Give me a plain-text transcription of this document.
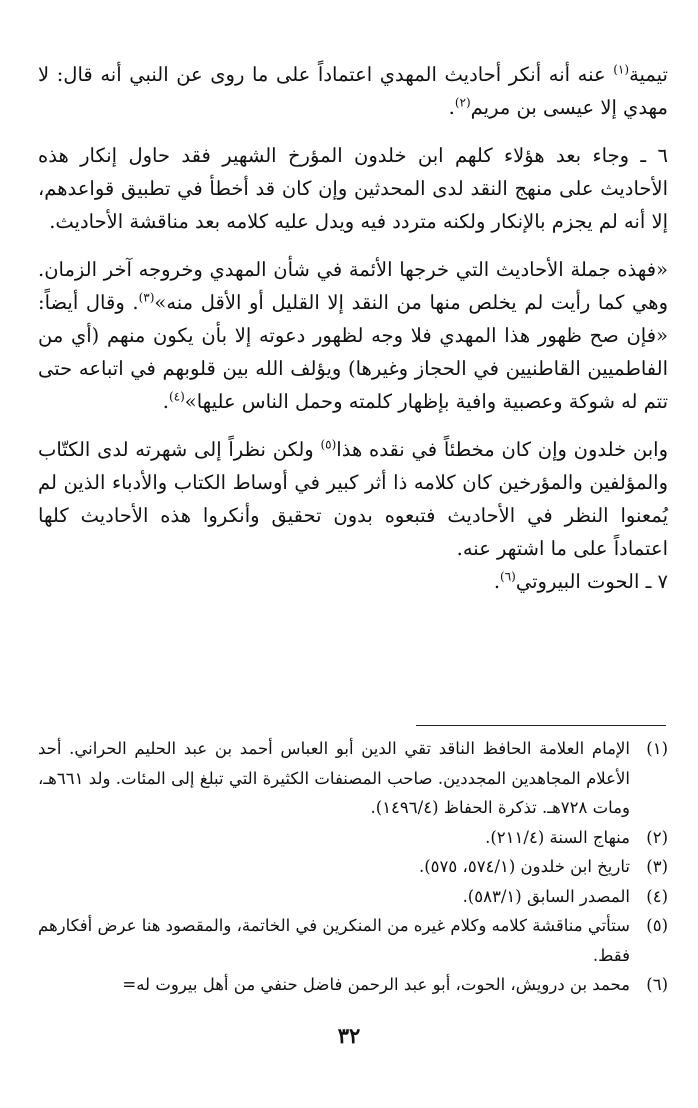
تيمية$^{(١)}$ عنه أنه أنكر أحاديث المهدي اعتماداً على ما روى عن النبي أنه قال: لا مهدي إلا عيسى بن مريم$^{(٢)}$.

٦ ـ وجاء بعد هؤلاء كلهم ابن خلدون المؤرخ الشهير فقد حاول إنكار هذه الأحاديث على منهج النقد لدى المحدثين وإن كان قد أخطأ في تطبيق قواعدهم، إلا أنه لم يجزم بالإنكار ولكنه متردد فيه ويدل عليه كلامه بعد مناقشة الأحاديث.

«فهذه جملة الأحاديث التي خرجها الأئمة في شأن المهدي وخروجه آخر الزمان. وهي كما رأيت لم يخلص منها من النقد إلا القليل أو الأقل منه»$^{(٣)}$. وقال أيضاً: «فإن صح ظهور هذا المهدي فلا وجه لظهور دعوته إلا بأن يكون منهم (أي من الفاطميين القاطنيين في الحجاز وغيرها) ويؤلف الله بين قلوبهم في اتباعه حتى تتم له شوكة وعصبية وافية بإظهار كلمته وحمل الناس عليها»$^{(٤)}$.

وابن خلدون وإن كان مخطئاً في نقده هذا$^{(٥)}$ ولكن نظراً إلى شهرته لدى الكتّاب والمؤلفين والمؤرخين كان كلامه ذا أثر كبير في أوساط الكتاب والأدباء الذين لم يُمعنوا النظر في الأحاديث فتبعوه بدون تحقيق وأنكروا هذه الأحاديث كلها اعتماداً على ما اشتهر عنه.

٧ ـ الحوت البيروتي$^{(٦)}$.

(١)
الإمام العلامة الحافظ الناقد تقي الدين أبو العباس أحمد بن عبد الحليم الحراني. أحد الأعلام المجاهدين المجددين. صاحب المصنفات الكثيرة التي تبلغ إلى المئات. ولد ٦٦١هـ، ومات ٧٢٨هـ. تذكرة الحفاظ (١٤٩٦/٤).
(٢)
منهاج السنة (٢١١/٤).
(٣)
تاريخ ابن خلدون (٥٧٤/١، ٥٧٥).
(٤)
المصدر السابق (٥٨٣/١).
(٥)
ستأتي مناقشة كلامه وكلام غيره من المنكرين في الخاتمة، والمقصود هنا عرض أفكارهم فقط.
(٦)
محمد بن درويش، الحوت، أبو عبد الرحمن فاضل حنفي من أهل بيروت له=
٣٢
